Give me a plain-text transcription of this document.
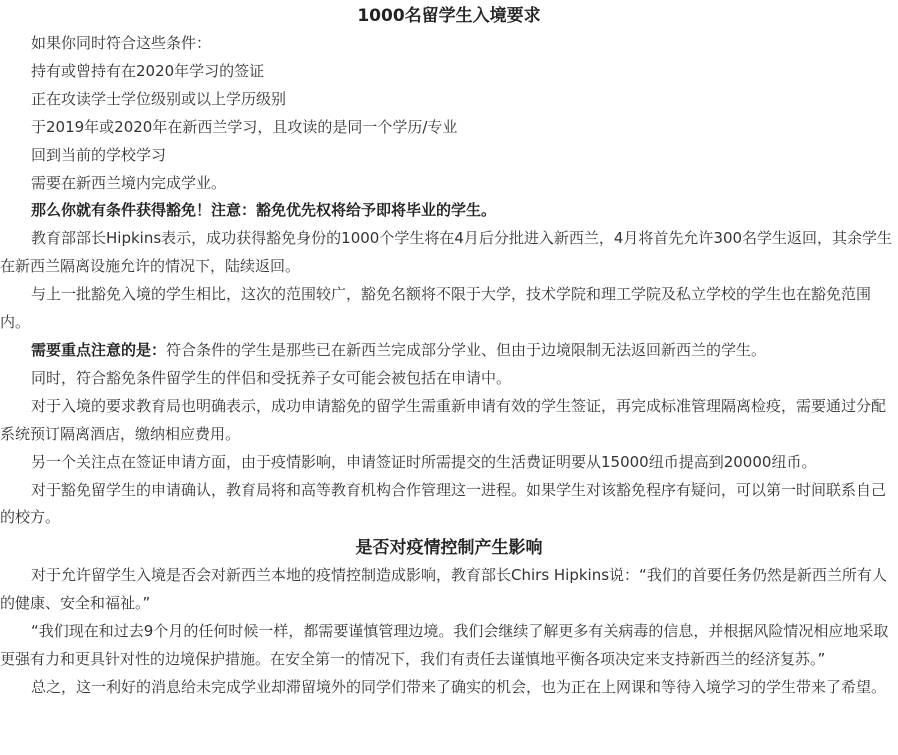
1000名留学生入境要求

如果你同时符合这些条件：

持有或曾持有在2020年学习的签证

正在攻读学士学位级别或以上学历级别

于2019年或2020年在新西兰学习，且攻读的是同一个学历/专业

回到当前的学校学习

需要在新西兰境内完成学业。

那么你就有条件获得豁免！注意：豁免优先权将给予即将毕业的学生。

教育部部长Hipkins表示，成功获得豁免身份的1000个学生将在4月后分批进入新西兰，4月将首先允许300名学生返回，其余学生在新西兰隔离设施允许的情况下，陆续返回。

与上一批豁免入境的学生相比，这次的范围较广，豁免名额将不限于大学，技术学院和理工学院及私立学校的学生也在豁免范围内。

需要重点注意的是：符合条件的学生是那些已在新西兰完成部分学业、但由于边境限制无法返回新西兰的学生。

同时，符合豁免条件留学生的伴侣和受抚养子女可能会被包括在申请中。

对于入境的要求教育局也明确表示，成功申请豁免的留学生需重新申请有效的学生签证，再完成标准管理隔离检疫，需要通过分配系统预订隔离酒店，缴纳相应费用。

另一个关注点在签证申请方面，由于疫情影响，申请签证时所需提交的生活费证明要从15000纽币提高到20000纽币。

对于豁免留学生的申请确认，教育局将和高等教育机构合作管理这一进程。如果学生对该豁免程序有疑问，可以第一时间联系自己的校方。

是否对疫情控制产生影响

对于允许留学生入境是否会对新西兰本地的疫情控制造成影响，教育部长Chirs Hipkins说：“我们的首要任务仍然是新西兰所有人的健康、安全和福祉。”

“我们现在和过去9个月的任何时候一样，都需要谨慎管理边境。我们会继续了解更多有关病毒的信息，并根据风险情况相应地采取更强有力和更具针对性的边境保护措施。在安全第一的情况下，我们有责任去谨慎地平衡各项决定来支持新西兰的经济复苏。”

总之，这一利好的消息给未完成学业却滞留境外的同学们带来了确实的机会，也为正在上网课和等待入境学习的学生带来了希望。
